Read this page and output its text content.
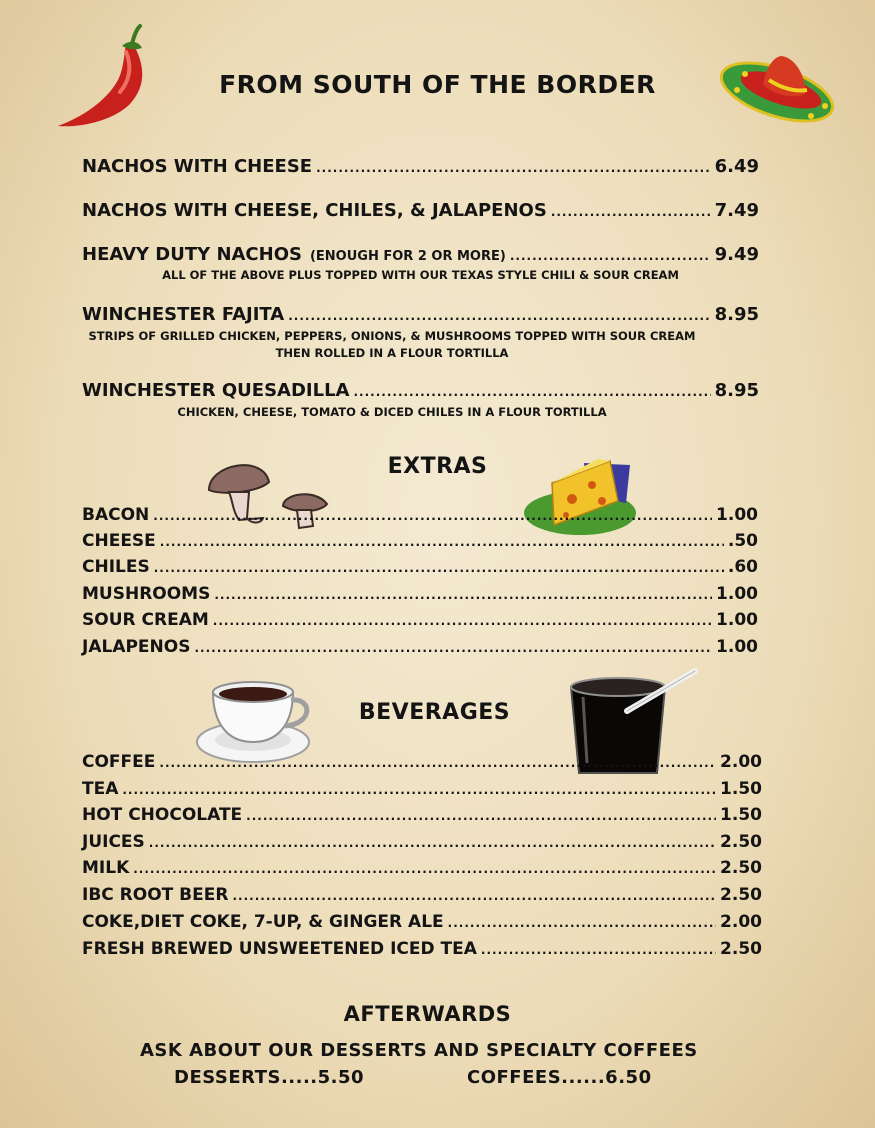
FROM SOUTH OF THE BORDER
NACHOS WITH CHEESE .....	6.49
NACHOS WITH CHEESE, CHILES, & JALAPENOS .....	7.49
HEAVY DUTY NACHOS (ENOUGH FOR 2 OR MORE) .....	9.49
ALL OF THE ABOVE PLUS TOPPED WITH OUR TEXAS STYLE CHILI & SOUR CREAM
WINCHESTER FAJITA .....	8.95
STRIPS OF GRILLED CHICKEN, PEPPERS, ONIONS, & MUSHROOMS TOPPED WITH SOUR CREAM THEN ROLLED IN A FLOUR TORTILLA
WINCHESTER QUESADILLA .....	8.95
CHICKEN, CHEESE, TOMATO & DICED CHILES IN A FLOUR TORTILLA
EXTRAS
BACON .....	1.00
CHEESE .....	.50
CHILES .....	.60
MUSHROOMS .....	1.00
SOUR CREAM .....	1.00
JALAPENOS .....	1.00
BEVERAGES
COFFEE .....	2.00
TEA .....	1.50
HOT CHOCOLATE .....	1.50
JUICES .....	2.50
MILK .....	2.50
IBC ROOT BEER .....	2.50
COKE,DIET COKE, 7-UP, & GINGER ALE .....	2.00
FRESH BREWED UNSWEETENED ICED TEA .....	2.50
AFTERWARDS
ASK ABOUT OUR DESSERTS AND SPECIALTY COFFEES
DESSERTS.....5.50	COFFEES......6.50
